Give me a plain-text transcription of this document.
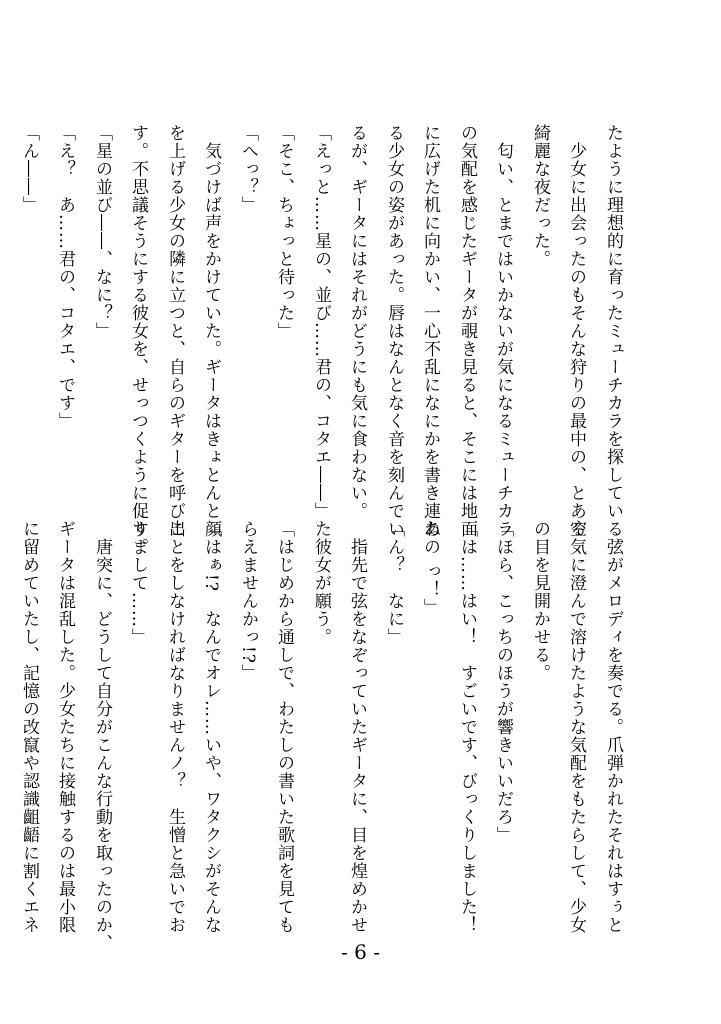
たように理想的に育ったミューチカラを探している。

　少女に出会ったのもそんな狩りの最中の、とある

綺麗な夜だった。

　匂い、とまではいかないが気になるミューチカラ

の気配を感じたギータが覗き見ると、そこには地面

に広げた机に向かい、一心不乱になにかを書き連ね

る少女の姿があった。唇はなんとなく音を刻んでい

るが、ギータにはそれがどうにも気に食わない。

「えっと……星の、並び……君の、コタエ――」

「そこ、ちょっと待った」

「へっ？」

　気づけば声をかけていた。ギータはきょとんと顔

を上げる少女の隣に立つと、自らのギターを呼び出

す。不思議そうにする彼女を、せっつくように促す。

「星の並び――、なに？」

「え？　あ……君の、コタエ、です」

「ん――」

　弦がメロディを奏でる。爪弾かれたそれはすぅと

空気に澄んで溶けたような気配をもたらして、少女

の目を見開かせる。

「ほら、こっちのほうが響きいいだろ」

「は……はい！　すごいです、びっくりしました！

あの っ！」

「ん？　なに」

　指先で弦をなぞっていたギータに、目を煌めかせ

た彼女が願う。

「はじめから通しで、わたしの書いた歌詞を見ても

らえませんかっ!?」

「はぁ!?　なんでオレ……いや、ワタクシがそんな

ことをしなければなりませんノ？　生憎と急いでお

りまして……」

　唐突に、どうして自分がこんな行動を取ったのか、

ギータは混乱した。少女たちに接触するのは最小限

に留めていたし、記憶の改竄や認識齟齬に割くエネ

- 6 -
